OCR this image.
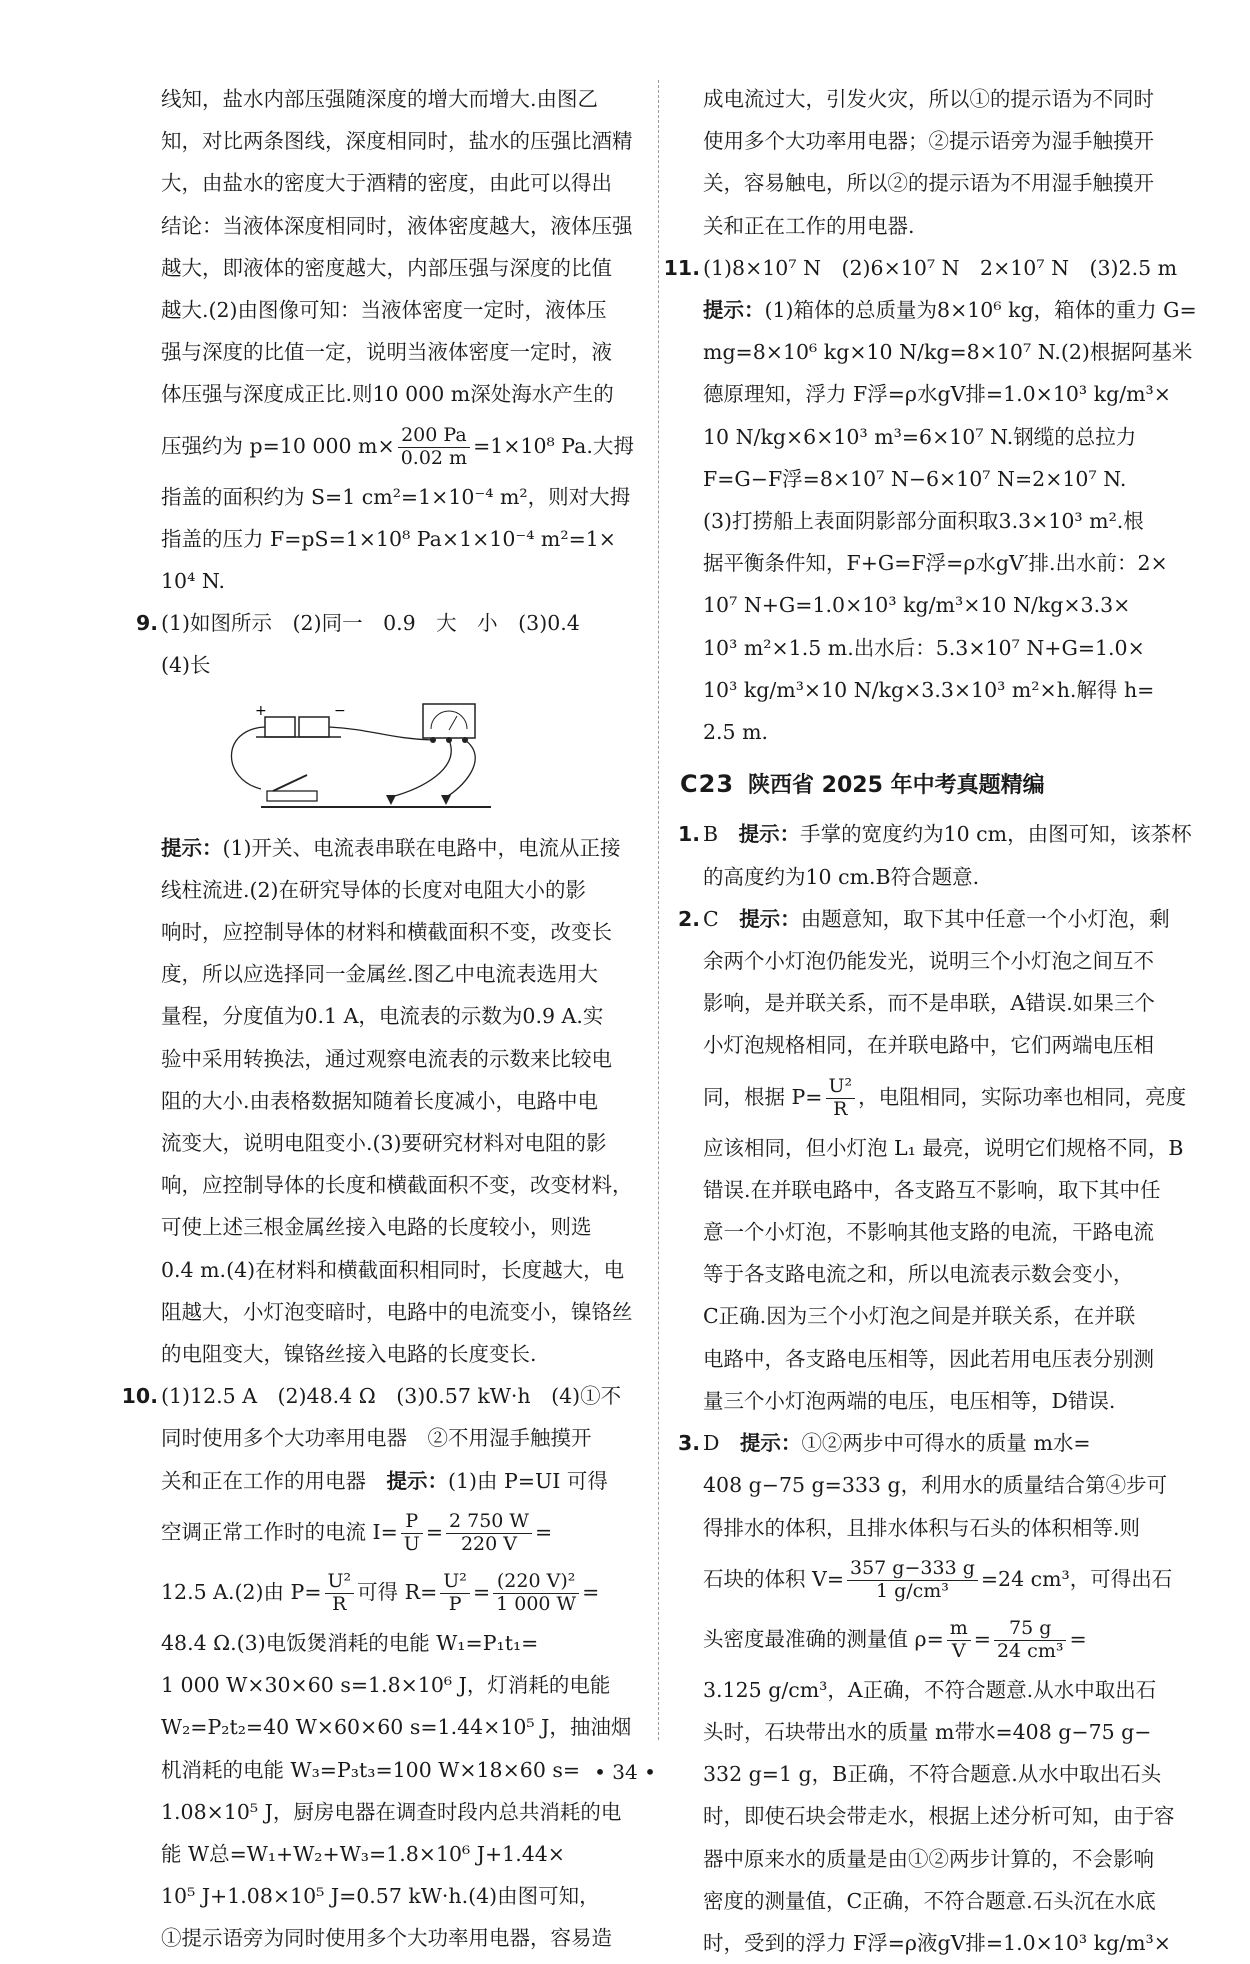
线知，盐水内部压强随深度的增大而增大.由图乙
知，对比两条图线，深度相同时，盐水的压强比酒精
大，由盐水的密度大于酒精的密度，由此可以得出
结论：当液体深度相同时，液体密度越大，液体压强
越大，即液体的密度越大，内部压强与深度的比值
越大.(2)由图像可知：当液体密度一定时，液体压
强与深度的比值一定，说明当液体密度一定时，液
体压强与深度成正比.则10 000 m深处海水产生的
压强约为 p=10 000 $m\times \frac{200 Pa}{0.02 m} =1\times 10^8$ Pa.大拇
指盖的面积约为 S=1 cm²=1×10⁻⁴ m²，则对大拇
指盖的压力 F=pS=1×10⁸ Pa×1×10⁻⁴ m²=1×
10⁴ N.
9. (1)如图所示　(2)同一　0.9　大　小　(3)0.4
(4)长
+	−
提示：(1)开关、电流表串联在电路中，电流从正接
线柱流进.(2)在研究导体的长度对电阻大小的影
响时，应控制导体的材料和横截面积不变，改变长
度，所以应选择同一金属丝.图乙中电流表选用大
量程，分度值为0.1 A，电流表的示数为0.9 A.实
验中采用转换法，通过观察电流表的示数来比较电
阻的大小.由表格数据知随着长度减小，电路中电
流变大，说明电阻变小.(3)要研究材料对电阻的影
响，应控制导体的长度和横截面积不变，改变材料，
可使上述三根金属丝接入电路的长度较小，则选
0.4 m.(4)在材料和横截面积相同时，长度越大，电
阻越大，小灯泡变暗时，电路中的电流变小，镍铬丝
的电阻变大，镍铬丝接入电路的长度变长.
10. (1)12.5 A　(2)48.4 Ω　(3)0.57 kW·h　(4)①不
同时使用多个大功率用电器　②不用湿手触摸开
关和正在工作的用电器　提示：(1)由 P=UI 可得
空调正常工作时的电流 $I= \frac{P}{U} = \frac{2 750 W}{220 V}$ =
12.5 A.(2)由 $P= \frac{\text{U²}}{R}$ 可得 $R= \frac{\text{U²}}{P} = \frac{\text{(220 V)²}}{1 000 W}$ =
48.4 Ω.(3)电饭煲消耗的电能 W₁=P₁t₁=
1 000 W×30×60 s=1.8×10⁶ J，灯消耗的电能
W₂=P₂t₂=40 W×60×60 s=1.44×10⁵ J，抽油烟
机消耗的电能 W₃=P₃t₃=100 W×18×60 s=
1.08×10⁵ J，厨房电器在调查时段内总共消耗的电
能 W总=W₁+W₂+W₃=1.8×10⁶ J+1.44×
10⁵ J+1.08×10⁵ J=0.57 kW·h.(4)由图可知，
①提示语旁为同时使用多个大功率用电器，容易造
成电流过大，引发火灾，所以①的提示语为不同时
使用多个大功率用电器；②提示语旁为湿手触摸开
关，容易触电，所以②的提示语为不用湿手触摸开
关和正在工作的用电器.
11. (1)8×10⁷ N　(2)6×10⁷ N　2×10⁷ N　(3)2.5 m
提示：(1)箱体的总质量为8×10⁶ kg，箱体的重力 G=
mg=8×10⁶ kg×10 N/kg=8×10⁷ N.(2)根据阿基米
德原理知，浮力 F浮=ρ水gV排=1.0×10³ kg/m³×
10 N/kg×6×10³ m³=6×10⁷ N.钢缆的总拉力
F=G−F浮=8×10⁷ N−6×10⁷ N=2×10⁷ N.
(3)打捞船上表面阴影部分面积取3.3×10³ m².根
据平衡条件知，F+G=F浮=ρ水gV′排.出水前：2×
10⁷ N+G=1.0×10³ kg/m³×10 N/kg×3.3×
10³ m²×1.5 m.出水后：5.3×10⁷ N+G=1.0×
10³ kg/m³×10 N/kg×3.3×10³ m²×h.解得 h=
2.5 m.
C23 陕西省 2025 年中考真题精编
1. B　 提示：手掌的宽度约为10 cm，由图可知，该茶杯
的高度约为10 cm.B符合题意.
2. C　 提示：由题意知，取下其中任意一个小灯泡，剩
余两个小灯泡仍能发光，说明三个小灯泡之间互不
影响，是并联关系，而不是串联，A错误.如果三个
小灯泡规格相同，在并联电路中，它们两端电压相
同，根据 $P= \frac{\text{U²}}{R}$ ，电阻相同，实际功率也相同，亮度
应该相同，但小灯泡 L₁ 最亮，说明它们规格不同，B
错误.在并联电路中，各支路互不影响，取下其中任
意一个小灯泡，不影响其他支路的电流，干路电流
等于各支路电流之和，所以电流表示数会变小，
C正确.因为三个小灯泡之间是并联关系，在并联
电路中，各支路电压相等，因此若用电压表分别测
量三个小灯泡两端的电压，电压相等，D错误.
3. D　 提示：①②两步中可得水的质量 m水=
408 g−75 g=333 g，利用水的质量结合第④步可
得排水的体积，且排水体积与石头的体积相等.则
石块的体积 $V= \frac{357 g-333 g}{\text{1 g/cm³}} =24$ cm³，可得出石
头密度最准确的测量值 $\rho= \frac{m}{V} = \frac{75 g}{\text{24 cm³}}$ =
3.125 g/cm³，A正确，不符合题意.从水中取出石
头时，石块带出水的质量 m带水=408 g−75 g−
332 g=1 g，B正确，不符合题意.从水中取出石头
时，即使石块会带走水，根据上述分析可知，由于容
器中原来水的质量是由①②两步计算的，不会影响
密度的测量值，C正确，不符合题意.石头沉在水底
时，受到的浮力 F浮=ρ液gV排=1.0×10³ kg/m³×
• 34 •
